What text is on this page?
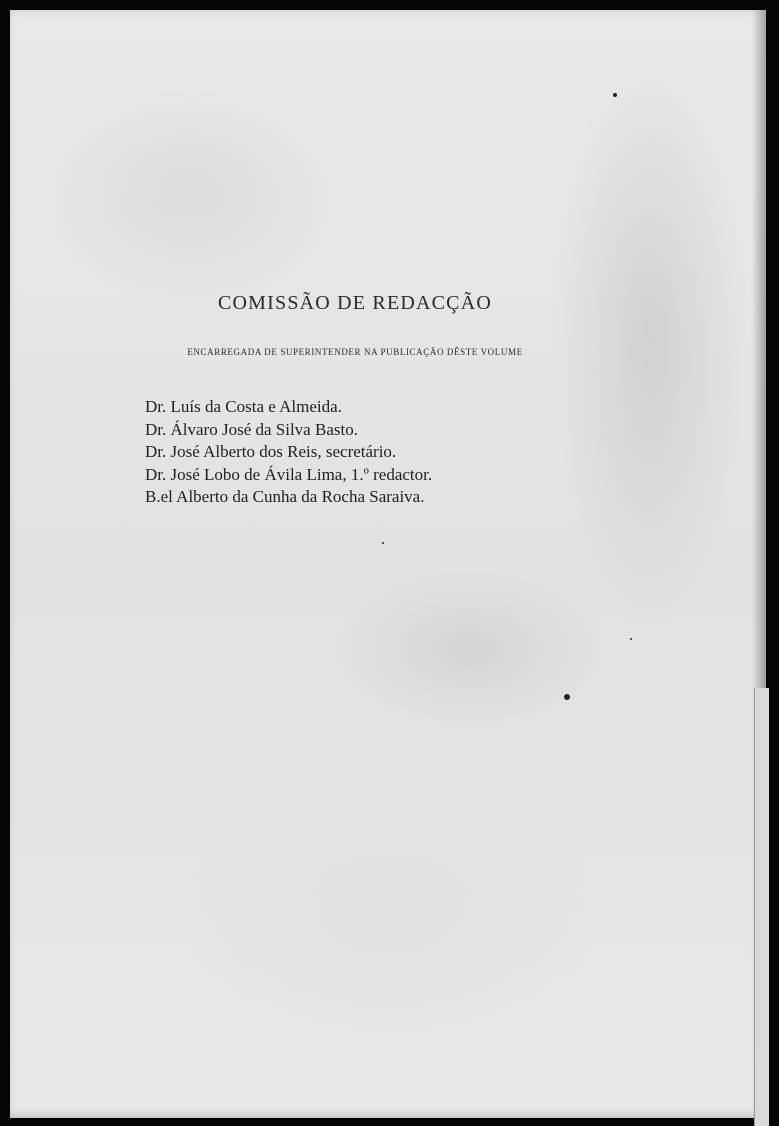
COMISSÃO DE REDACÇÃO

ENCARREGADA DE SUPERINTENDER NA PUBLICAÇÃO DÊSTE VOLUME

Dr. Luís da Costa e Almeida.
Dr. Álvaro José da Silva Basto.
Dr. José Alberto dos Reis, secretário.
Dr. José Lobo de Ávila Lima, 1.º redactor.
B.el Alberto da Cunha da Rocha Saraiva.
